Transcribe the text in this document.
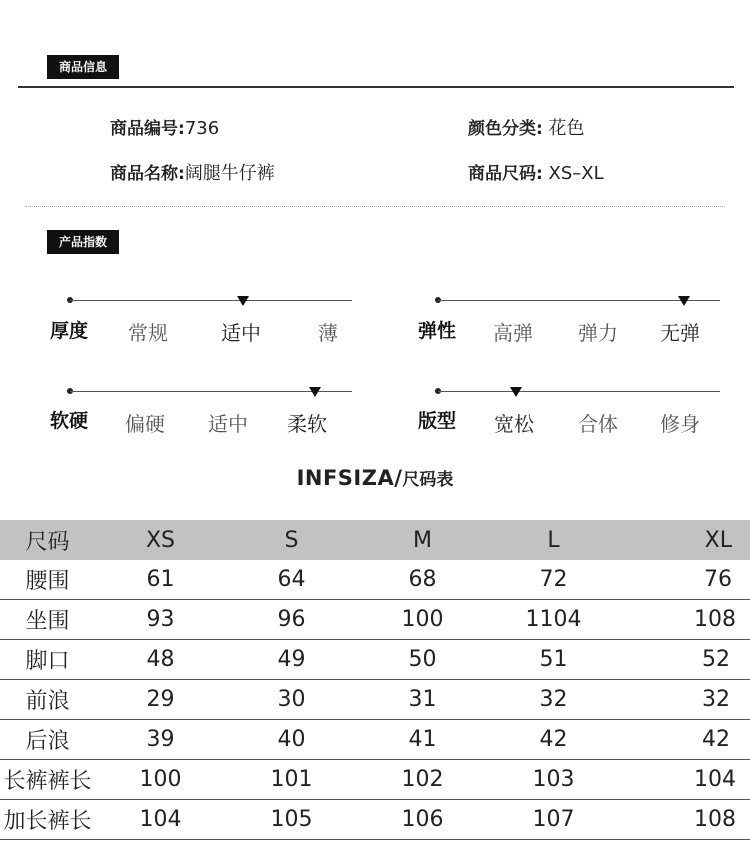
商品信息
商品编号:736	颜色分类: 花色
商品名称:阔腿牛仔裤	商品尺码: XS–XL
产品指数
厚度 常规	适中	薄	弹性 高弹 弹力 无弹
软硬 偏硬 适中 柔软	版型 宽松 合体 修身
INFSIZA/尺码表
尺码	XS	S	M	L	XL
腰围	61	64	68	72	76
坐围	93	96	100	1104	108
脚口	48	49	50	51	52
前浪	29	30	31	32	32
后浪	39	40	41	42	42
长裤裤长	100	101	102	103	104
加长裤长	104	105	106	107	108
